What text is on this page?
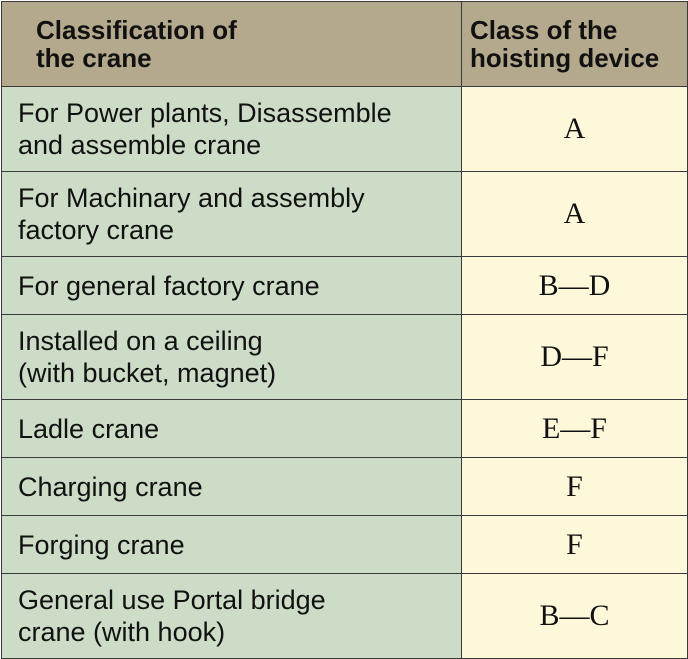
Classification of
the crane	Class of the
hoisting device
For Power plants, Disassemble
and assemble crane	A
For Machinary and assembly
factory crane	A
For general factory crane	B—D
Installed on a ceiling
(with bucket, magnet)	D—F
Ladle crane	E—F
Charging crane	F
Forging crane	F
General use Portal bridge
crane (with hook)	B—C
